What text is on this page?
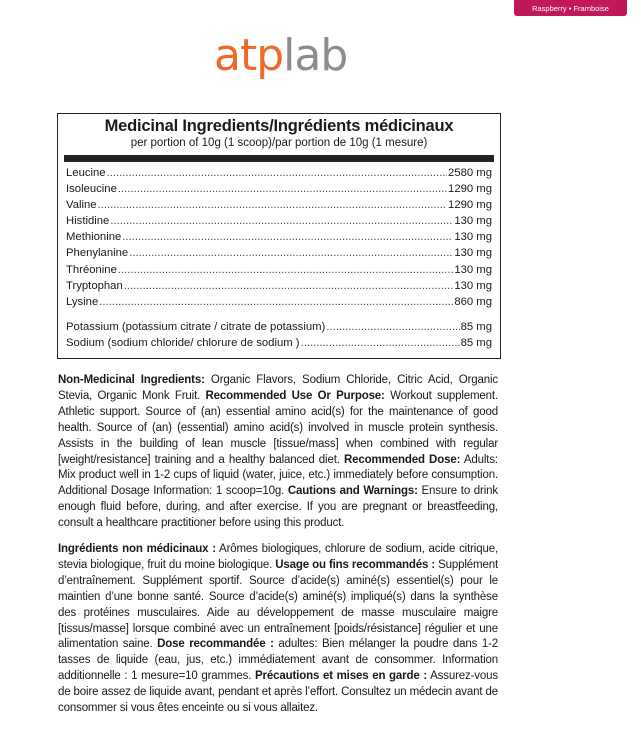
Raspberry • Framboise
atplab
Medicinal Ingredients/Ingrédients médicinaux
per portion of 10g (1 scoop)/par portion de 10g (1 mesure)
Leucine .....	2580 mg
Isoleucine .....	1290 mg
Valine .....	1290 mg
Histidine .....	130 mg
Methionine .....	130 mg
Phenylanine .....	130 mg
Thréonine .....	130 mg
Tryptophan .....	130 mg
Lysine .....	860 mg
Potassium (potassium citrate / citrate de potassium) .....	85 mg
Sodium (sodium chloride/ chlorure de sodium ) .....	85 mg
Non-Medicinal Ingredients: Organic Flavors, Sodium Chloride, Citric Acid, Organic Stevia, Organic Monk Fruit. Recommended Use Or Purpose: Workout supplement. Athletic support. Source of (an) essential amino acid(s) for the maintenance of good health. Source of (an) (essential) amino acid(s) involved in muscle protein synthesis. Assists in the building of lean muscle [tissue/mass] when combined with regular [weight/resistance] training and a healthy balanced diet. Recommended Dose: Adults: Mix product well in 1-2 cups of liquid (water, juice, etc.) immediately before consumption. Additional Dosage Information: 1 scoop=10g. Cautions and Warnings: Ensure to drink enough fluid before, during, and after exercise. If you are pregnant or breastfeeding, consult a healthcare practitioner before using this product.
Ingrédients non médicinaux : Arômes biologiques, chlorure de sodium, acide citrique, stevia biologique, fruit du moine biologique. Usage ou fins recommandés : Supplément d’entraînement. Supplément sportif. Source d’acide(s) aminé(s) essentiel(s) pour le maintien d’une bonne santé. Source d’acide(s) aminé(s) impliqué(s) dans la synthèse des protéines musculaires. Aide au développement de masse musculaire maigre [tissus/masse] lorsque combiné avec un entraînement [poids/résistance] régulier et une alimentation saine. Dose recommandée : adultes: Bien mélanger la poudre dans 1-2 tasses de liquide (eau, jus, etc.) immédiatement avant de consommer. Information additionnelle : 1 mesure=10 grammes. Précautions et mises en garde : Assurez-vous de boire assez de liquide avant, pendant et après l’effort. Consultez un médecin avant de consommer si vous êtes enceinte ou si vous allaitez.
